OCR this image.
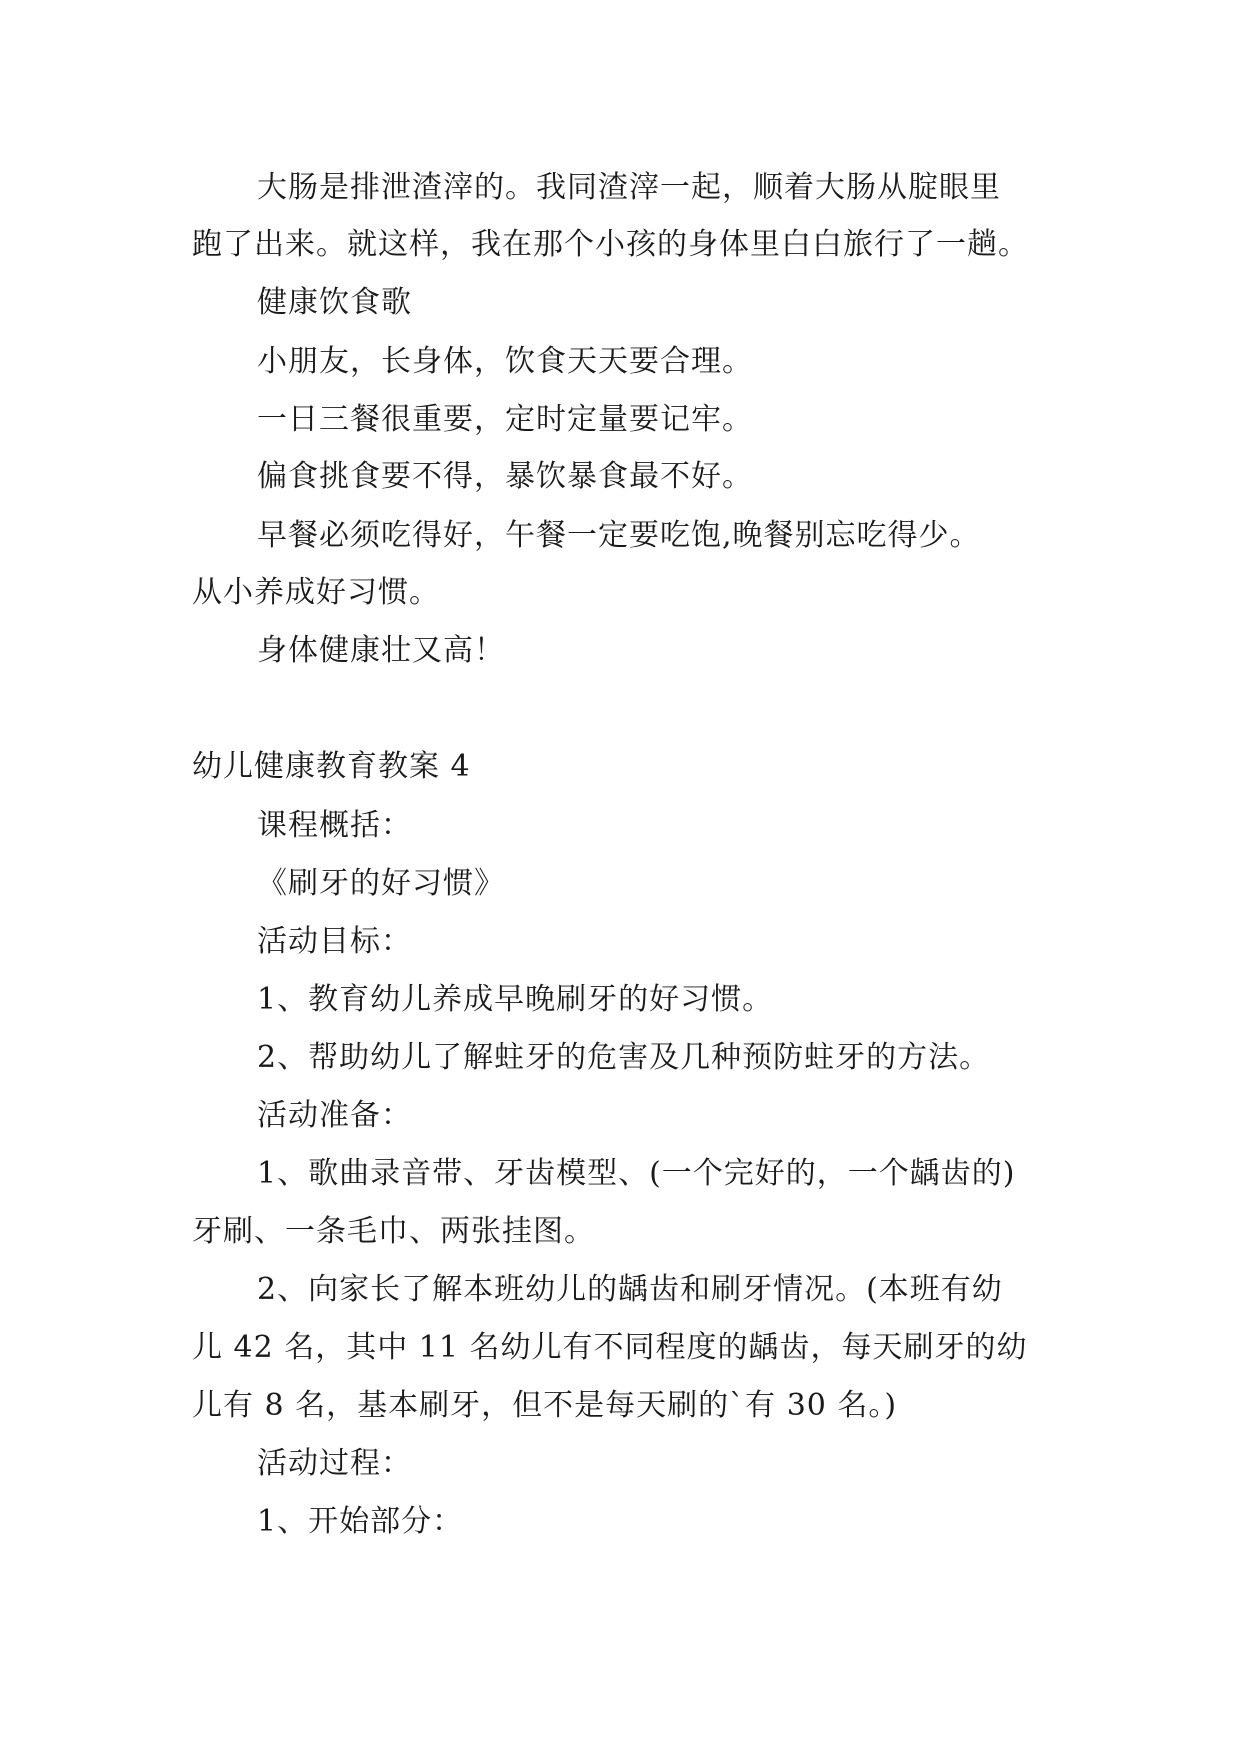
大肠是排泄渣滓的。我同渣滓一起，顺着大肠从腚眼里
跑了出来。就这样，我在那个小孩的身体里白白旅行了一趟。
健康饮食歌
小朋友，长身体，饮食天天要合理。
一日三餐很重要，定时定量要记牢。
偏食挑食要不得，暴饮暴食最不好。
早餐必须吃得好，午餐一定要吃饱,晚餐别忘吃得少。
从小养成好习惯。
身体健康壮又高！
幼儿健康教育教案 4
课程概括：
《刷牙的好习惯》
活动目标：
1、教育幼儿养成早晚刷牙的好习惯。
2、帮助幼儿了解蛀牙的危害及几种预防蛀牙的方法。
活动准备：
1、歌曲录音带、牙齿模型、(一个完好的，一个龋齿的)
牙刷、一条毛巾、两张挂图。
2、向家长了解本班幼儿的龋齿和刷牙情况。(本班有幼
儿 42 名，其中 11 名幼儿有不同程度的龋齿，每天刷牙的幼
儿有 8 名，基本刷牙，但不是每天刷的`有 30 名。)
活动过程：
1、开始部分：
